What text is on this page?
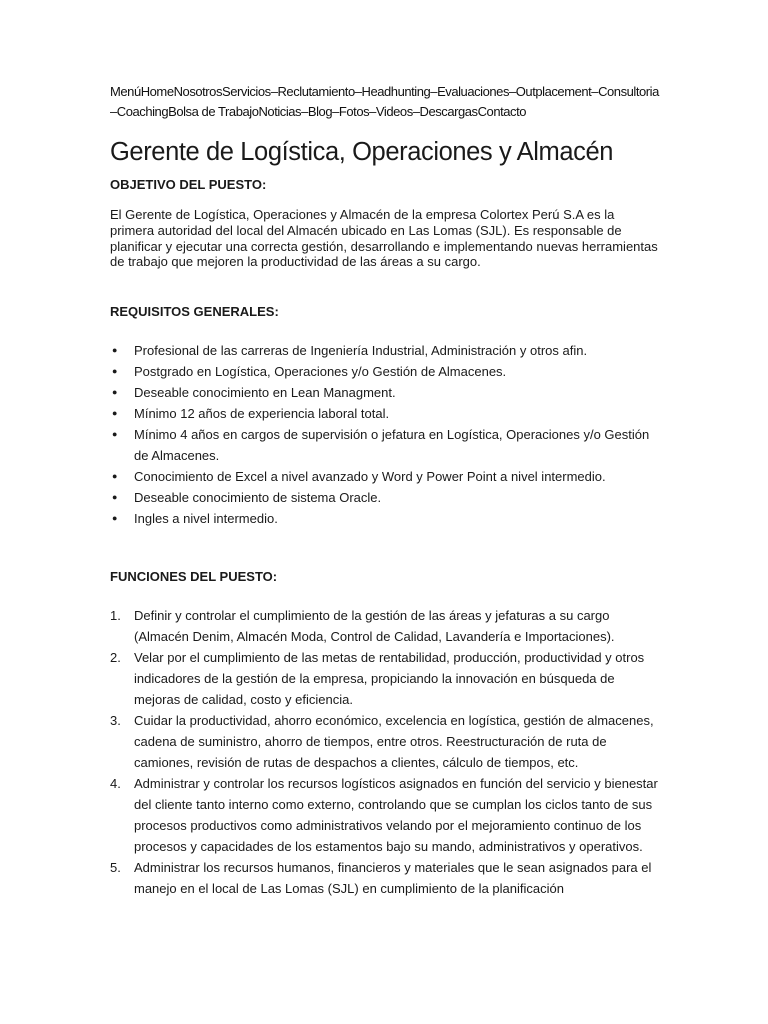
MenúHomeNosotrosServicios–Reclutamiento–Headhunting–Evaluaciones–Outplacement–Consultoria–CoachingBolsa de TrabajoNoticias–Blog–Fotos–Videos–DescargasContacto

Gerente de Logística, Operaciones y Almacén
OBJETIVO DEL PUESTO:

El Gerente de Logística, Operaciones y Almacén de la empresa Colortex Perú S.A es la primera autoridad del local del Almacén ubicado en Las Lomas (SJL). Es responsable de planificar y ejecutar una correcta gestión, desarrollando e implementando nuevas herramientas de trabajo que mejoren la productividad de las áreas a su cargo.

REQUISITOS GENERALES:
● Profesional de las carreras de Ingeniería Industrial, Administración y otros afin.
● Postgrado en Logística, Operaciones y/o Gestión de Almacenes.
● Deseable conocimiento en Lean Managment.
● Mínimo 12 años de experiencia laboral total.
● Mínimo 4 años en cargos de supervisión o jefatura en Logística, Operaciones y/o Gestión de Almacenes.
● Conocimiento de Excel a nivel avanzado y Word y Power Point a nivel intermedio.
● Deseable conocimiento de sistema Oracle.
● Ingles a nivel intermedio.
FUNCIONES DEL PUESTO:
1. Definir y controlar el cumplimiento de la gestión de las áreas y jefaturas a su cargo (Almacén Denim, Almacén Moda, Control de Calidad, Lavandería e Importaciones).
2. Velar por el cumplimiento de las metas de rentabilidad, producción, productividad y otros indicadores de la gestión de la empresa, propiciando la innovación en búsqueda de mejoras de calidad, costo y eficiencia.
3. Cuidar la productividad, ahorro económico, excelencia en logística, gestión de almacenes, cadena de suministro, ahorro de tiempos, entre otros. Reestructuración de ruta de camiones, revisión de rutas de despachos a clientes, cálculo de tiempos, etc.
4. Administrar y controlar los recursos logísticos asignados en función del servicio y bienestar del cliente tanto interno como externo, controlando que se cumplan los ciclos tanto de sus procesos productivos como administrativos velando por el mejoramiento continuo de los procesos y capacidades de los estamentos bajo su mando, administrativos y operativos.
5. Administrar los recursos humanos, financieros y materiales que le sean asignados para el manejo en el local de Las Lomas (SJL) en cumplimiento de la planificación
